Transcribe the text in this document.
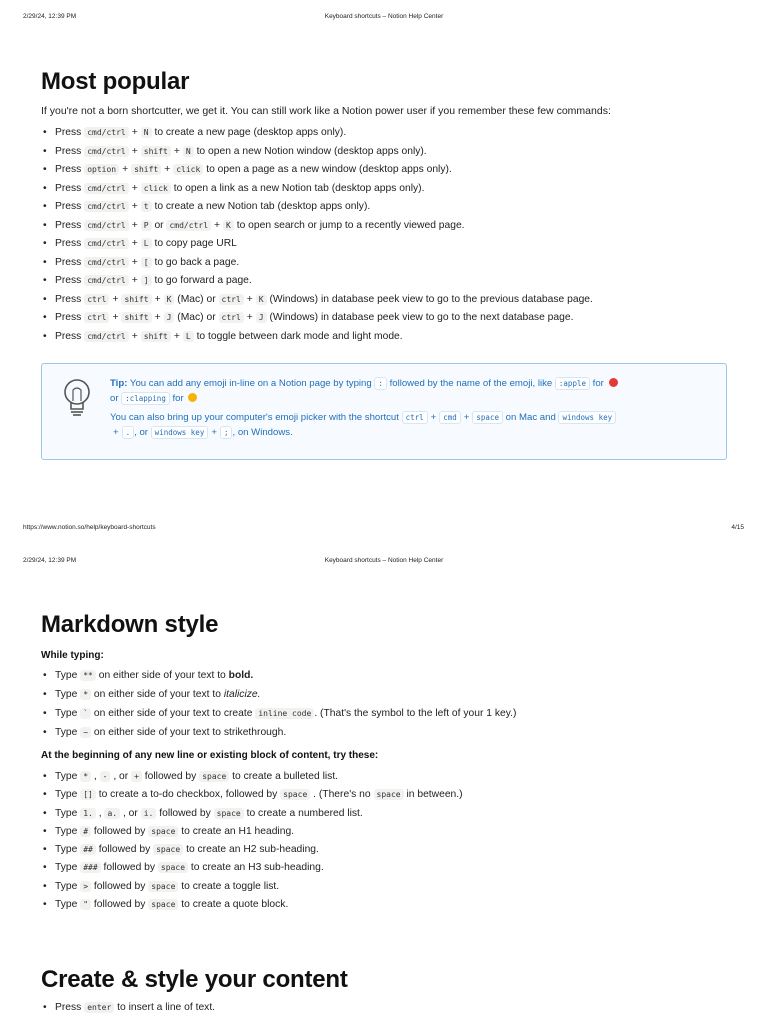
2/29/24, 12:39 PM	Keyboard shortcuts – Notion Help Center
Most popular
If you're not a born shortcutter, we get it. You can still work like a Notion power user if you remember these few commands:
• Press cmd/ctrl + N to create a new page (desktop apps only).
• Press cmd/ctrl + shift + N to open a new Notion window (desktop apps only).
• Press option + shift + click to open a page as a new window (desktop apps only).
• Press cmd/ctrl + click to open a link as a new Notion tab (desktop apps only).
• Press cmd/ctrl + t to create a new Notion tab (desktop apps only).
• Press cmd/ctrl + P or cmd/ctrl + K to open search or jump to a recently viewed page.
• Press cmd/ctrl + L to copy page URL
• Press cmd/ctrl + [ to go back a page.
• Press cmd/ctrl + ] to go forward a page.
• Press ctrl + shift + K (Mac) or ctrl + K (Windows) in database peek view to go to the previous database page.
• Press ctrl + shift + J (Mac) or ctrl + J (Windows) in database peek view to go to the next database page.
• Press cmd/ctrl + shift + L to toggle between dark mode and light mode.

Tip: You can add any emoji in-line on a Notion page by typing : followed by the name of the emoji, like :apple for
or :clapping for

You can also bring up your computer's emoji picker with the shortcut ctrl + cmd + space on Mac and windows key
+ . , or windows key + ; , on Windows.

https://www.notion.so/help/keyboard-shortcuts	4/15
2/29/24, 12:39 PM	Keyboard shortcuts – Notion Help Center
Markdown style
While typing:
• Type ** on either side of your text to bold.
• Type * on either side of your text to italicize.
• Type ` on either side of your text to create inline code . (That's the symbol to the left of your 1 key.)
• Type ~ on either side of your text to strikethrough.
At the beginning of any new line or existing block of content, try these:
• Type * , - , or + followed by space to create a bulleted list.
• Type [] to create a to-do checkbox, followed by space . (There's no space in between.)
• Type 1. , a. , or i. followed by space to create a numbered list.
• Type # followed by space to create an H1 heading.
• Type ## followed by space to create an H2 sub-heading.
• Type ### followed by space to create an H3 sub-heading.
• Type > followed by space to create a toggle list.
• Type " followed by space to create a quote block.
Create & style your content
• Press enter to insert a line of text.
